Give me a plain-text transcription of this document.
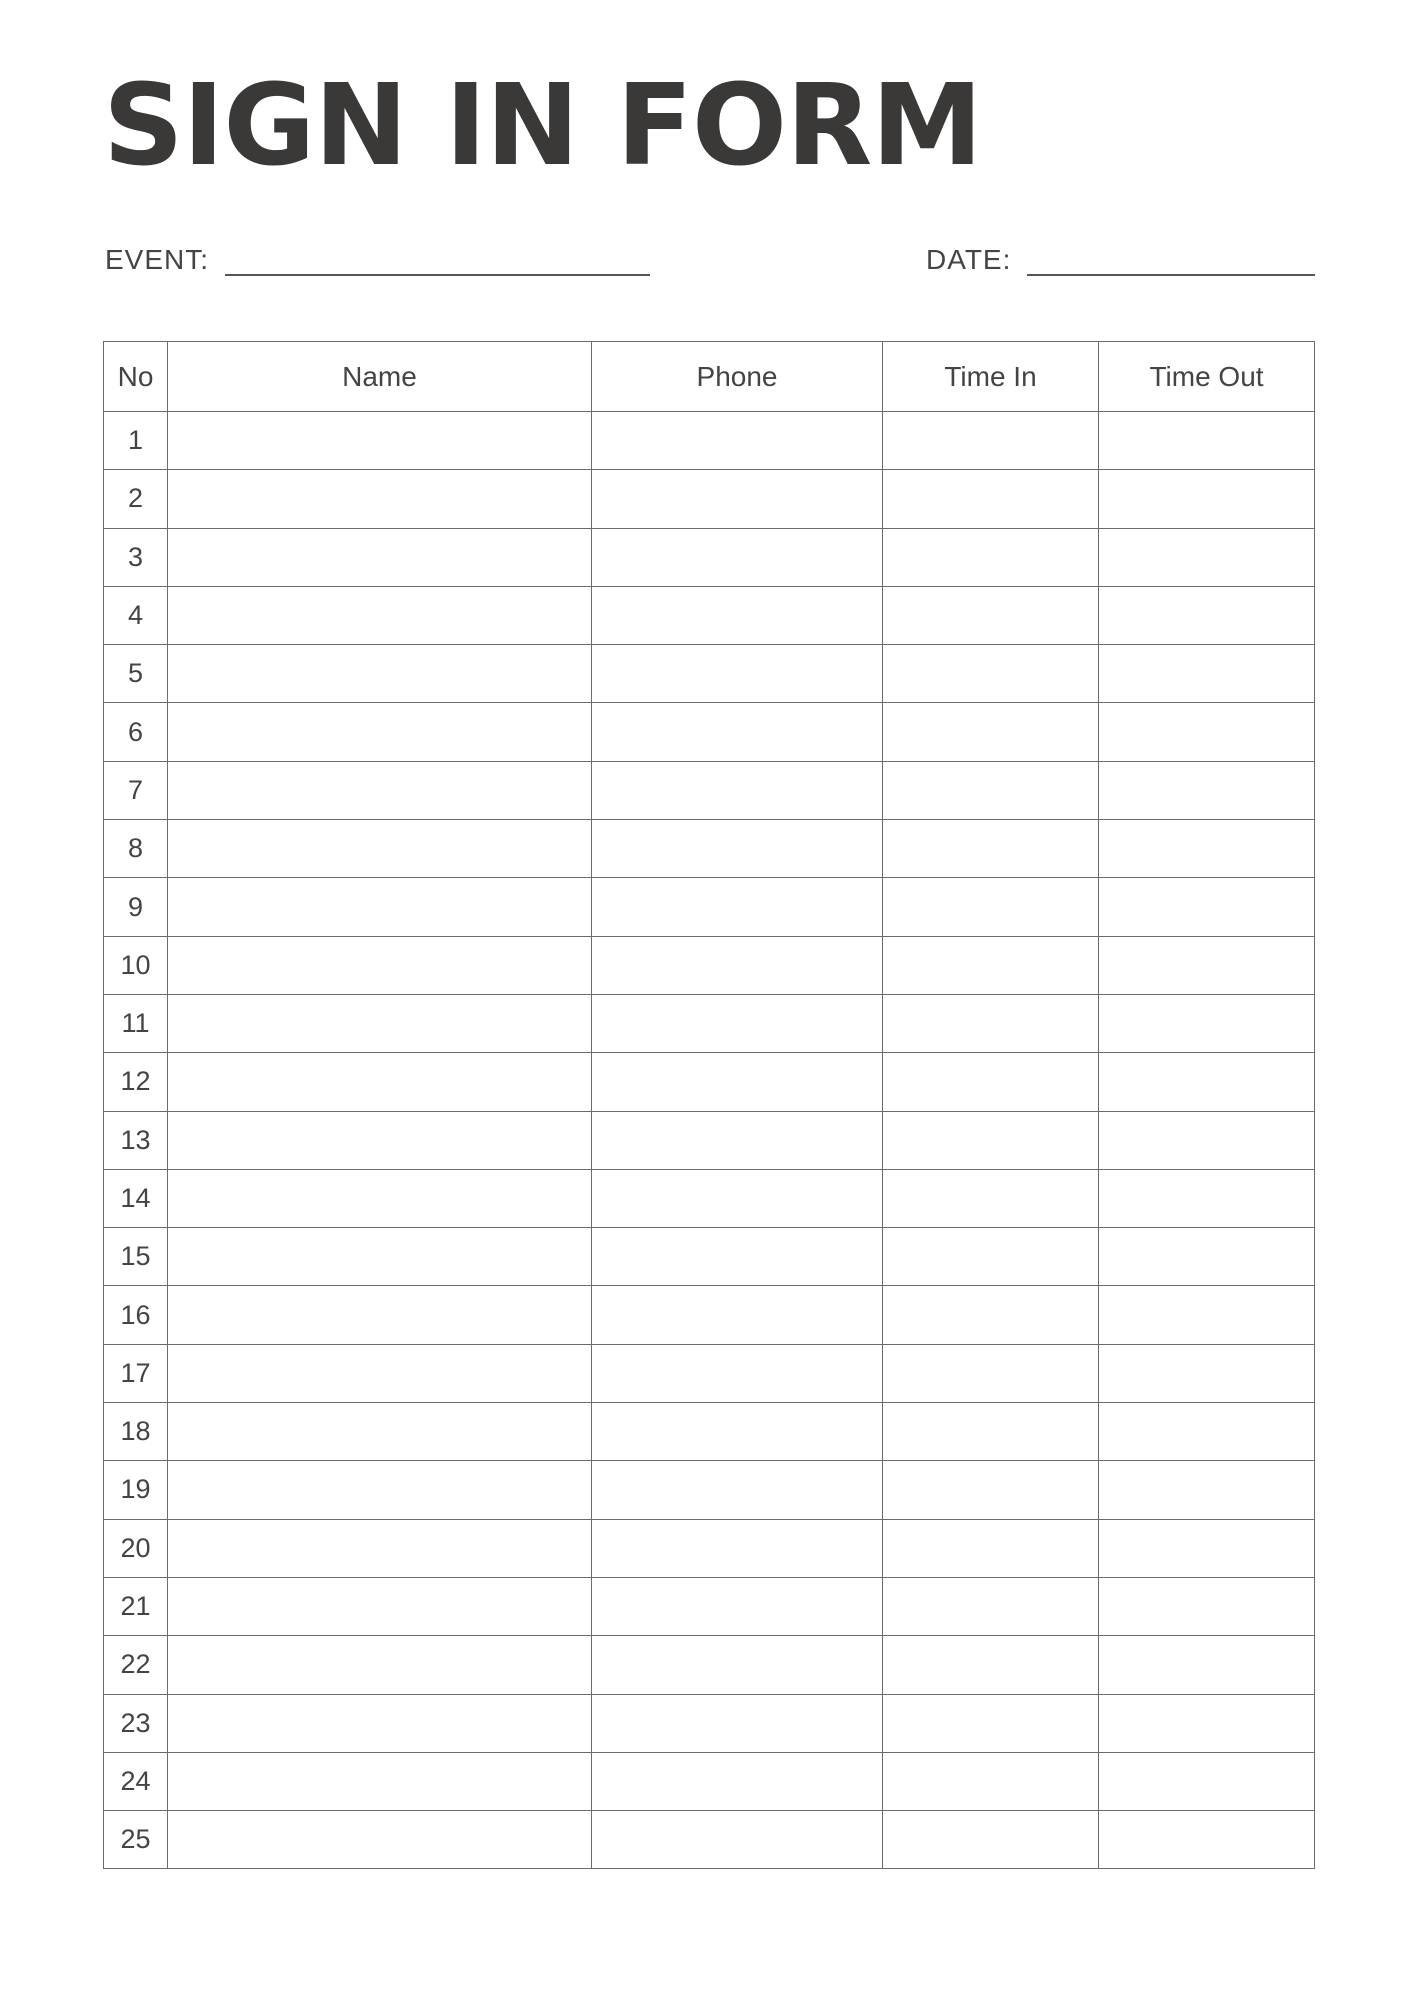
SIGN IN FORM
EVENT:	DATE:
No	Name	Phone	Time In	Time Out
1				
2				
3				
4				
5				
6				
7				
8				
9				
10				
11				
12				
13				
14				
15				
16				
17				
18				
19				
20				
21				
22				
23				
24				
25				
